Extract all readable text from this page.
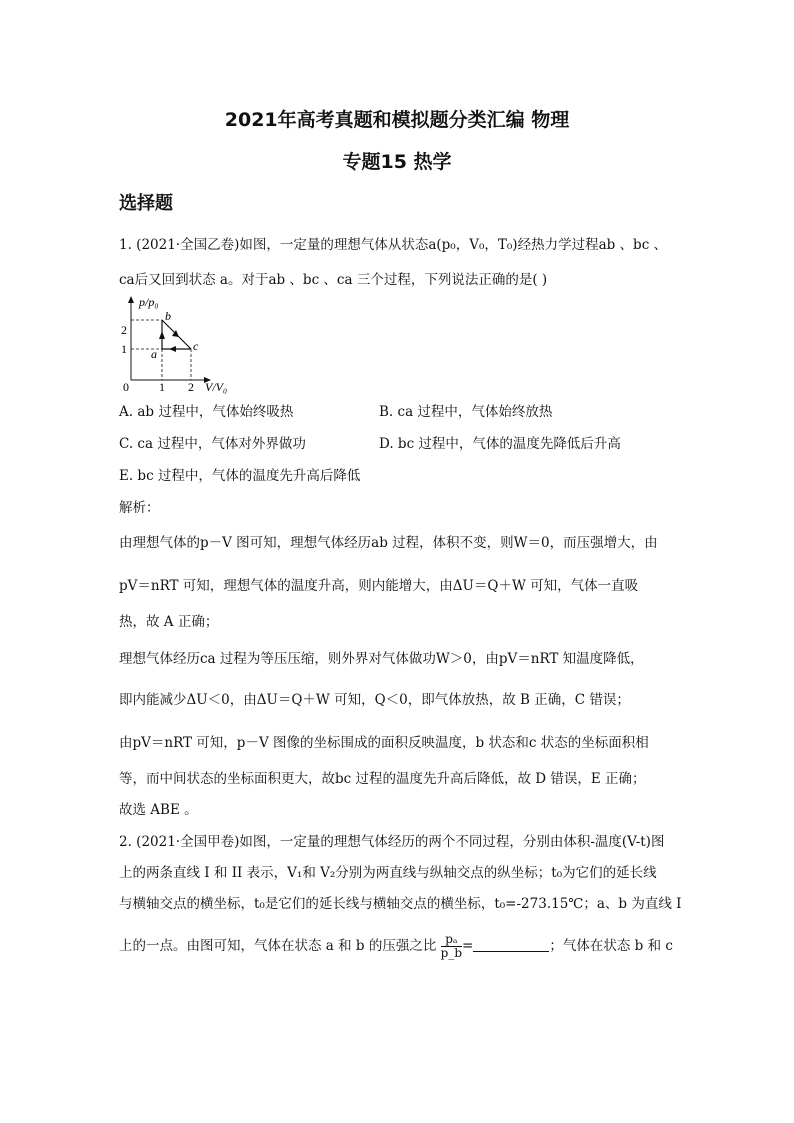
2021年高考真题和模拟题分类汇编 物理
专题15 热学
选择题
1. (2021·全国乙卷)如图，一定量的理想气体从状态a(p₀，V₀，T₀)经热力学过程ab 、bc 、
ca后又回到状态 a。对于ab 、bc 、ca 三个过程，下列说法正确的是( )
p/p₀
V/V₀
0	1 2
1
2
a
b
c
A. ab 过程中，气体始终吸热	B. ca 过程中，气体始终放热
C. ca 过程中，气体对外界做功	D. bc 过程中，气体的温度先降低后升高
E. bc 过程中，气体的温度先升高后降低
解析：
由理想气体的p－V 图可知，理想气体经历ab 过程，体积不变，则W＝0，而压强增大，由
pV＝nRT 可知，理想气体的温度升高，则内能增大，由ΔU＝Q＋W 可知，气体一直吸
热，故 A 正确；
理想气体经历ca 过程为等压压缩，则外界对气体做功W＞0，由pV＝nRT 知温度降低，
即内能减少ΔU＜0，由ΔU＝Q＋W 可知，Q＜0，即气体放热，故 B 正确，C 错误；
由pV＝nRT 可知，p－V 图像的坐标围成的面积反映温度，b 状态和c 状态的坐标面积相
等，而中间状态的坐标面积更大，故bc 过程的温度先升高后降低，故 D 错误，E 正确；
故选 ABE 。
2. (2021·全国甲卷)如图，一定量的理想气体经历的两个不同过程，分别由体积-温度(V-t)图
上的两条直线 I 和 II 表示，V₁和 V₂分别为两直线与纵轴交点的纵坐标；t₀为它们的延长线
与横轴交点的横坐标，t₀是它们的延长线与横轴交点的横坐标，t₀=-273.15℃；a、b 为直线 I
上的一点。由图可知，气体在状态 a 和 b 的压强之比 $\frac{\text{pₐ}}{p\_b}$ =	；气体在状态 b 和 c
